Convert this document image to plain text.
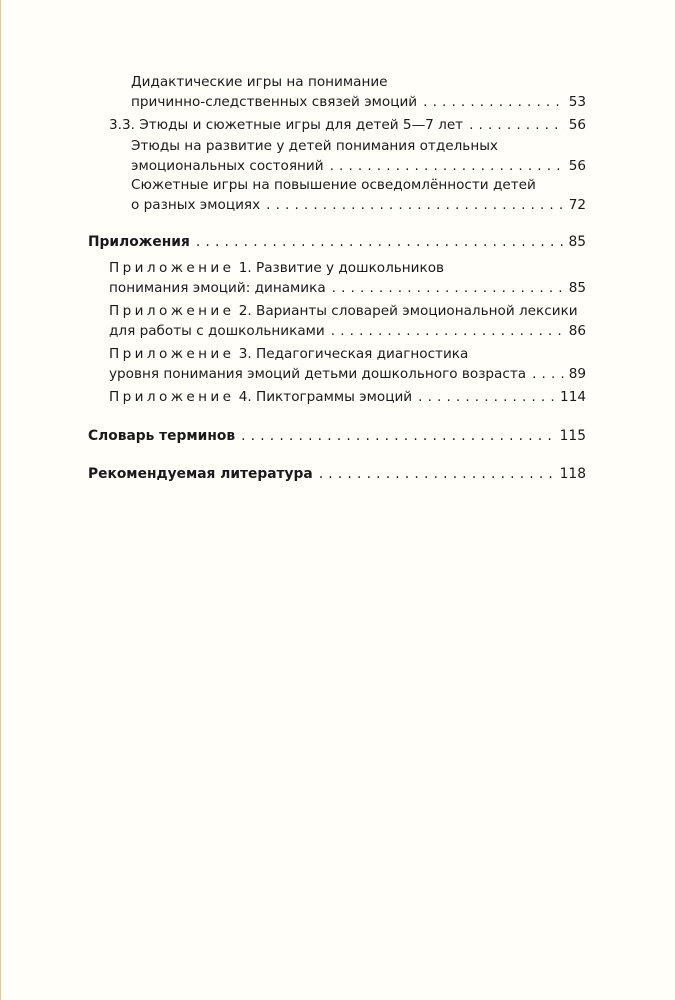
Дидактические игры на понимание
причинно-следственных связей эмоций . . .	53
3.3. Этюды и сюжетные игры для детей 5—7 лет . . .	56
Этюды на развитие у детей понимания отдельных
эмоциональных состояний . . .	56
Сюжетные игры на повышение осведомлённости детей
о разных эмоциях . . .	72
Приложения . . .	85
Приложение 1. Развитие у дошкольников
понимания эмоций: динамика . . .	85
Приложение 2. Варианты словарей эмоциональной лексики
для работы с дошкольниками . . .	86
Приложение 3. Педагогическая диагностика
уровня понимания эмоций детьми дошкольного возраста . . .	89
Приложение 4. Пиктограммы эмоций . . .	114
Словарь терминов . . .	115
Рекомендуемая литература . . .	118
